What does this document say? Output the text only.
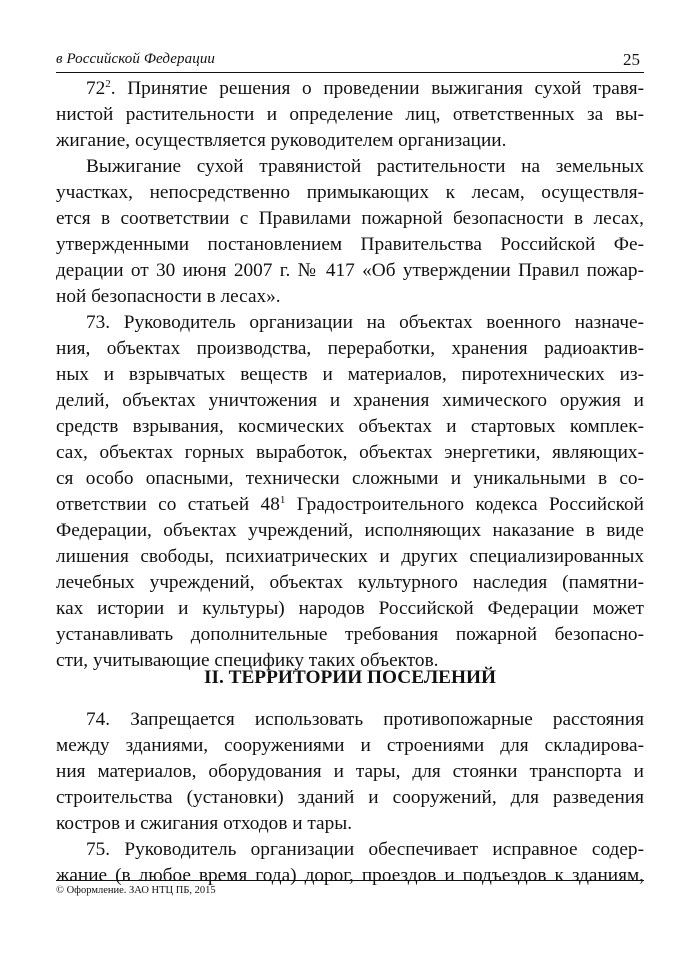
в Российской Федерации	25

$72^2$. Принятие решения о проведении выжигания сухой травя-
нистой растительности и определение лиц, ответственных за вы-
жигание, осуществляется руководителем организации.

Выжигание сухой травянистой растительности на земельных
участках, непосредственно примыкающих к лесам, осуществля-
ется в соответствии с Правилами пожарной безопасности в лесах,
утвержденными постановлением Правительства Российской Фе-
дерации от 30 июня 2007 г. № 417 «Об утверждении Правил пожар-
ной безопасности в лесах».

73. Руководитель организации на объектах военного назначе-
ния, объектах производства, переработки, хранения радиоактив-
ных и взрывчатых веществ и материалов, пиротехнических из-
делий, объектах уничтожения и хранения химического оружия и
средств взрывания, космических объектах и стартовых комплек-
сах, объектах горных выработок, объектах энергетики, являющих-
ся особо опасными, технически сложными и уникальными в со-
ответствии со статьей $48^1$ Градостроительного кодекса Российской
Федерации, объектах учреждений, исполняющих наказание в виде
лишения свободы, психиатрических и других специализированных
лечебных учреждений, объектах культурного наследия (памятни-
ках истории и культуры) народов Российской Федерации может
устанавливать дополнительные требования пожарной безопасно-
сти, учитывающие специфику таких объектов.

II. ТЕРРИТОРИИ ПОСЕЛЕНИЙ

74. Запрещается использовать противопожарные расстояния
между зданиями, сооружениями и строениями для складирова-
ния материалов, оборудования и тары, для стоянки транспорта и
строительства (установки) зданий и сооружений, для разведения
костров и сжигания отходов и тары.

75. Руководитель организации обеспечивает исправное содер-
жание (в любое время года) дорог, проездов и подъездов к зданиям,

© Оформление. ЗАО НТЦ ПБ, 2015
